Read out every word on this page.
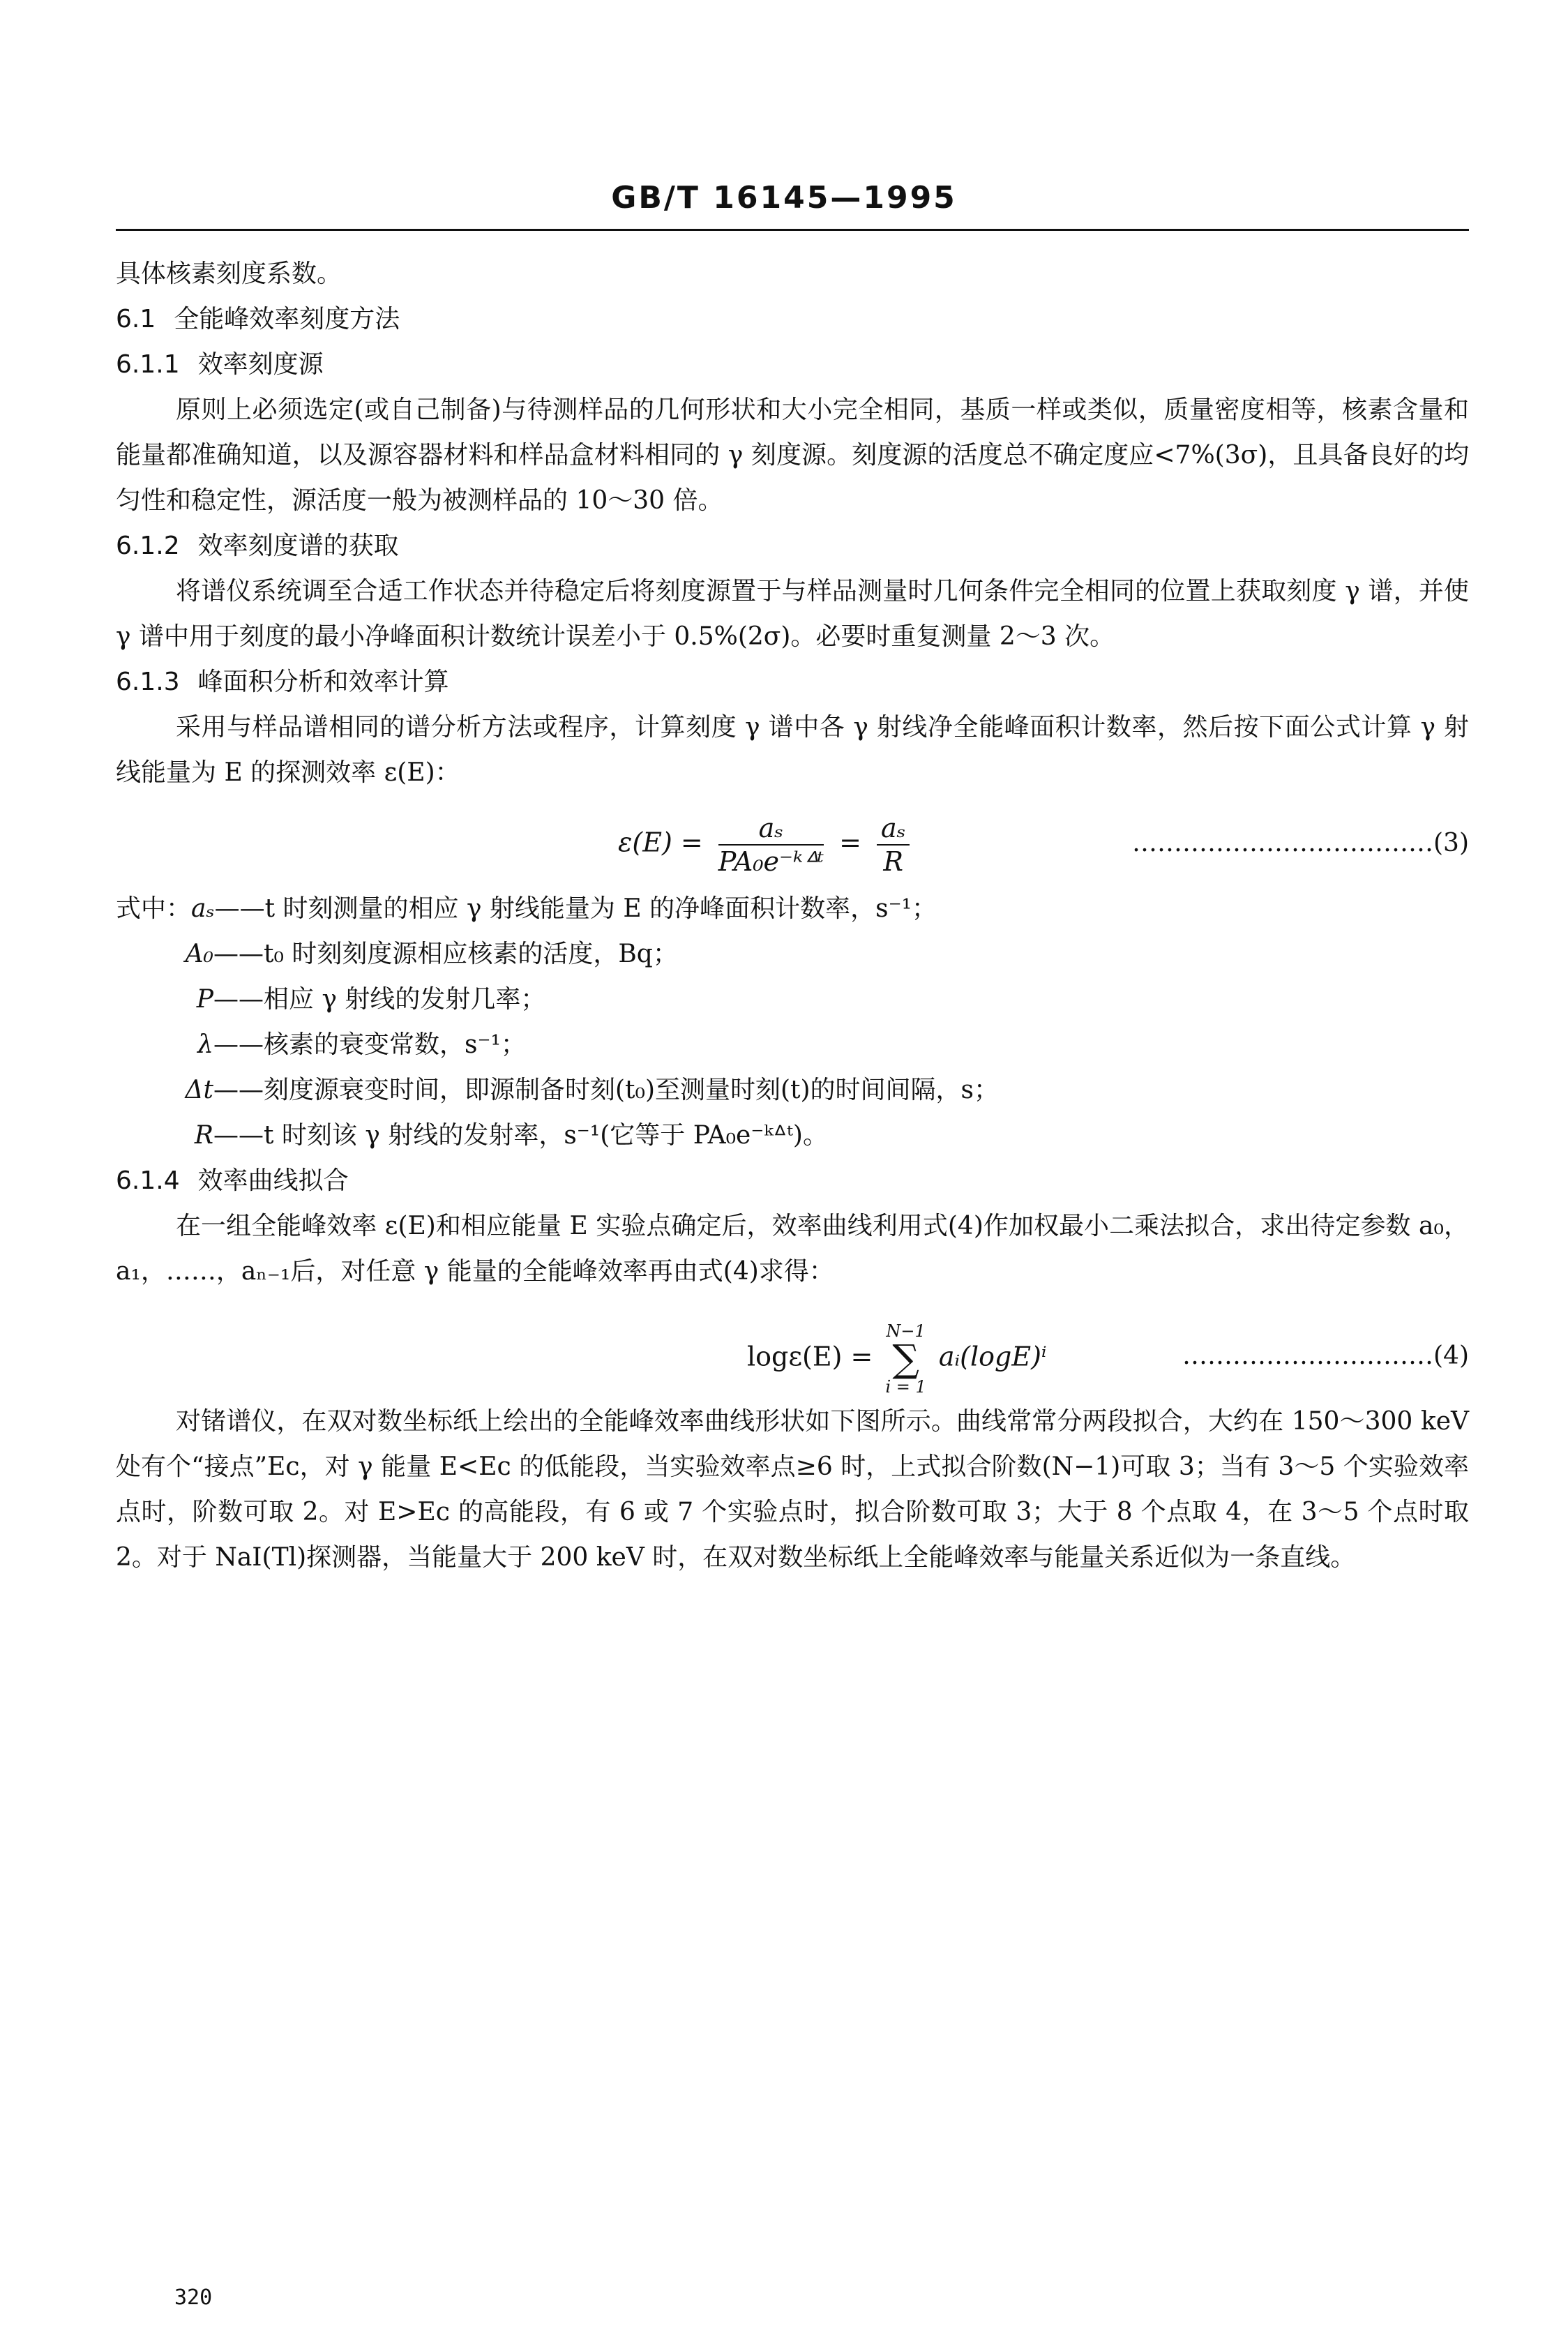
GB/T 16145—1995
具体核素刻度系数。
6.1 全能峰效率刻度方法
6.1.1 效率刻度源
原则上必须选定(或自己制备)与待测样品的几何形状和大小完全相同，基质一样或类似，质量密度相等，核素含量和能量都准确知道，以及源容器材料和样品盒材料相同的 γ 刻度源。刻度源的活度总不确定度应<7%(3σ)，且具备良好的均匀性和稳定性，源活度一般为被测样品的 10～30 倍。
6.1.2 效率刻度谱的获取
将谱仪系统调至合适工作状态并待稳定后将刻度源置于与样品测量时几何条件完全相同的位置上获取刻度 γ 谱，并使 γ 谱中用于刻度的最小净峰面积计数统计误差小于 0.5%(2σ)。必要时重复测量 2～3 次。
6.1.3 峰面积分析和效率计算
采用与样品谱相同的谱分析方法或程序，计算刻度 γ 谱中各 γ 射线净全能峰面积计数率，然后按下面公式计算 γ 射线能量为 E 的探测效率 ε(E)：
$\varepsilon(E) = \frac{\text{aₛ}}{\text{PA₀e⁻ᵏᐞᵗ}} = \frac{\text{aₛ}}{R}$	………………………………(3)
式中：aₛ——t 时刻测量的相应 γ 射线能量为 E 的净峰面积计数率，s⁻¹；
A₀——t₀ 时刻刻度源相应核素的活度，Bq；
P——相应 γ 射线的发射几率；
λ——核素的衰变常数，s⁻¹；
Δt——刻度源衰变时间，即源制备时刻(t₀)至测量时刻(t)的时间间隔，s；
R——t 时刻该 γ 射线的发射率，s⁻¹(它等于 PA₀e⁻ᵏᐞᵗ)。
6.1.4 效率曲线拟合
在一组全能峰效率 ε(E)和相应能量 E 实验点确定后，效率曲线利用式(4)作加权最小二乘法拟合，求出待定参数 a₀，a₁，……，aₙ₋₁后，对任意 γ 能量的全能峰效率再由式(4)求得：
logε(E) =
N−1
∑
i = 1
aᵢ(logE)ⁱ	…………………………(4)
对锗谱仪，在双对数坐标纸上绘出的全能峰效率曲线形状如下图所示。曲线常常分两段拟合，大约在 150～300 keV 处有个“接点”Eᴄ，对 γ 能量 E<Eᴄ 的低能段，当实验效率点≥6 时，上式拟合阶数(N−1)可取 3；当有 3～5 个实验效率点时，阶数可取 2。对 E>Eᴄ 的高能段，有 6 或 7 个实验点时，拟合阶数可取 3；大于 8 个点取 4，在 3～5 个点时取 2。对于 NaI(Tl)探测器，当能量大于 200 keV 时，在双对数坐标纸上全能峰效率与能量关系近似为一条直线。
320
